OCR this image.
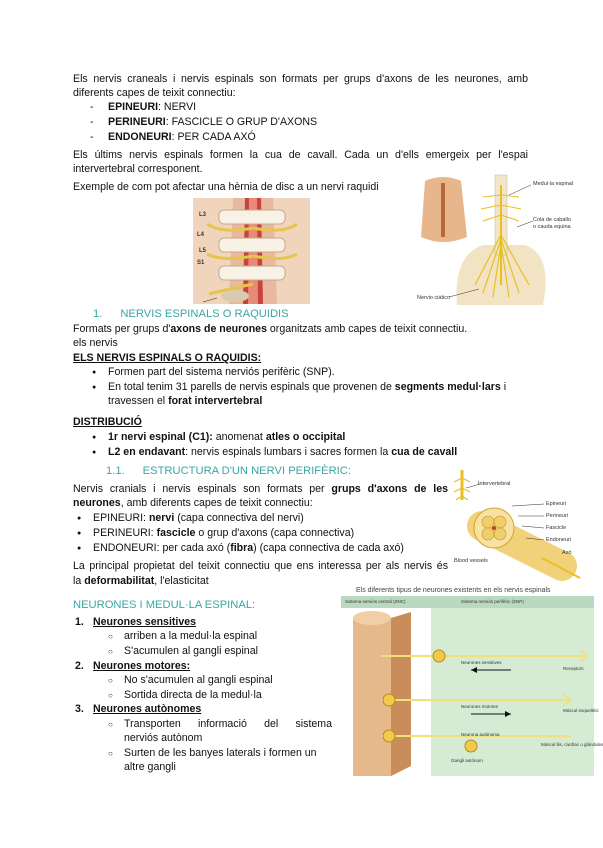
Els nervis craneals i nervis espinals son formats per grups d'axons de les neurones, amb
diferents capes de teixit connectiu:
- EPINEURI: NERVI
- PERINEURI: FASCICLE O GRUP D'AXONS
- ENDONEURI: PER CADA AXÓ
Els últims nervis espinals formen la cua de cavall. Cada un d'ells emergeix per l'espai
intervertebral corresponent.
Exemple de com pot afectar una hèrnia de disc a un nervi raquidi
L3
L4
L5
S1
Medul·la espinal
Cola de caballo
o cauda equina
Nervio ciático
1. NERVIS ESPINALS O RAQUIDIS
Formats per grups d'axons de neurones organitzats amb capes de teixit connectiu.
els nervis
ELS NERVIS ESPINALS O RAQUIDIS:
● Formen part del sistema nerviós perifèric (SNP).
● En total tenim 31 parells de nervis espinals que provenen de segments medul·lars i
travessen el forat intervertebral
DISTRIBUCIÓ
● 1r nervi espinal (C1): anomenat atles o occipital
● L2 en endavant: nervis espinals lumbars i sacres formen la cua de cavall
1.1. ESTRUCTURA D'UN NERVI PERIFÈRIC:
Nervis cranials i nervis espinals son formats per grups d'axons de les
neurones, amb diferents capes de teixit connectiu:
● EPINEURI: nervi (capa connectiva del nervi)
● PERINEURI: fascicle o grup d'axons (capa connectiva)
● ENDONEURI: per cada axó (fibra) (capa connectiva de cada axó)
La principal propietat del teixit connectiu que ens interessa per als nervis és
la deformabilitat, l'elasticitat
Intervertebral
Epineuri
Perineuri
Fascicle
Endoneuri
Axó
Blood vessels
Els diferents tipus de neurones existents en els nervis espinals
Sistema nerviós central (SNC)	Sistema nerviós perifèric (SNP)
Neurones sensitives
Receptors
Neurones motores
Múscul esquelètic
Neurona autònoma
Múscul llis, cardíac o glàndules
Gangli autònom
NEURONES I MEDUL·LA ESPINAL:
1. Neurones sensitives
○ arriben a la medul·la espinal
○ S'acumulen al gangli espinal
2. Neurones motores:
○ No s'acumulen al gangli espinal
○ Sortida directa de la medul·la
3. Neurones autònomes
○ Transporten informació del sistema
nerviós autònom
○ Surten de les banyes laterals i formen un
altre gangli
